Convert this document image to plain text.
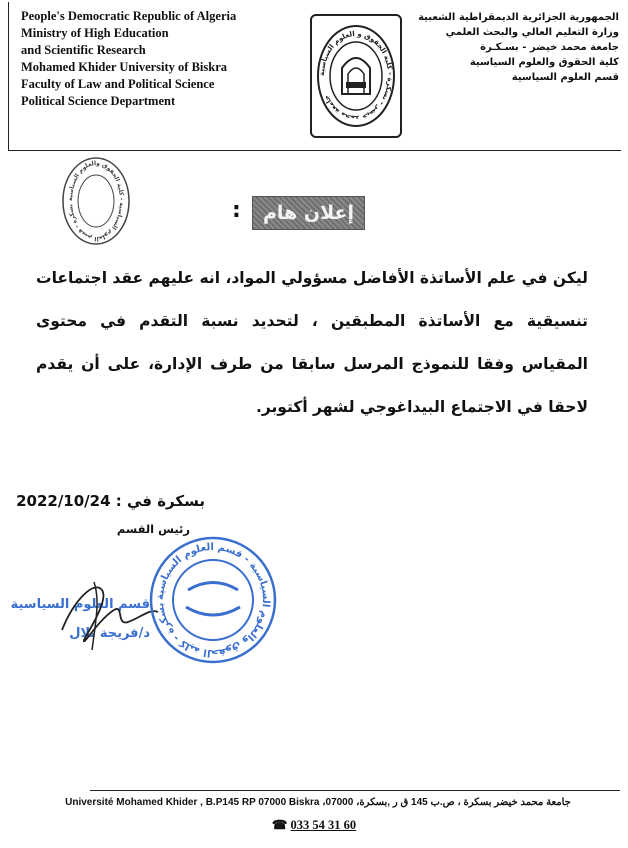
People's Democratic Republic of Algeria
Ministry of High Education
and Scientific Research
Mohamed Khider University of Biskra
Faculty of Law and Political Science
Political Science Department
جامعة محمد خيضر - بسكرة - كلية الحقوق و العلوم السياسية
الجمهورية الجزائرية الديمقراطية الشعبية
وزارة التعليم العالي والبحث العلمي
جامعة محمد خيضر - بسـكـرة
كلية الحقوق والعلوم السياسية
قسم العلوم السياسية
بسكرة - قسم العلوم السياسية - كلية الحقوق والعلوم السياسية
:	إعلان هام
ليكن في علم الأساتذة الأفاضل مسؤولي المواد، انه عليهم عقد اجتماعات تنسيقية مع الأساتذة المطبقين ، لتحديد نسبة التقدم في محتوى المقياس وفقا للنموذج المرسل سابقا من طرف الإدارة، على أن يقدم لاحقا في الاجتماع البيداغوجي لشهر أكتوبر.
بسكرة في : 2022/10/24
رئيس القسم
قسم العلوم السياسية
د/فريجة بلال	بسكرة - كلية الحقوق والعلوم السياسية - قسم العلوم السياسية
Université Mohamed Khider , B.P145 RP 07000 Biskra ،07000 ،جامعة محمد خيضر بسكرة ، ص.ب 145 ق ر ,بسكرة
☎ 033 54 31 60
